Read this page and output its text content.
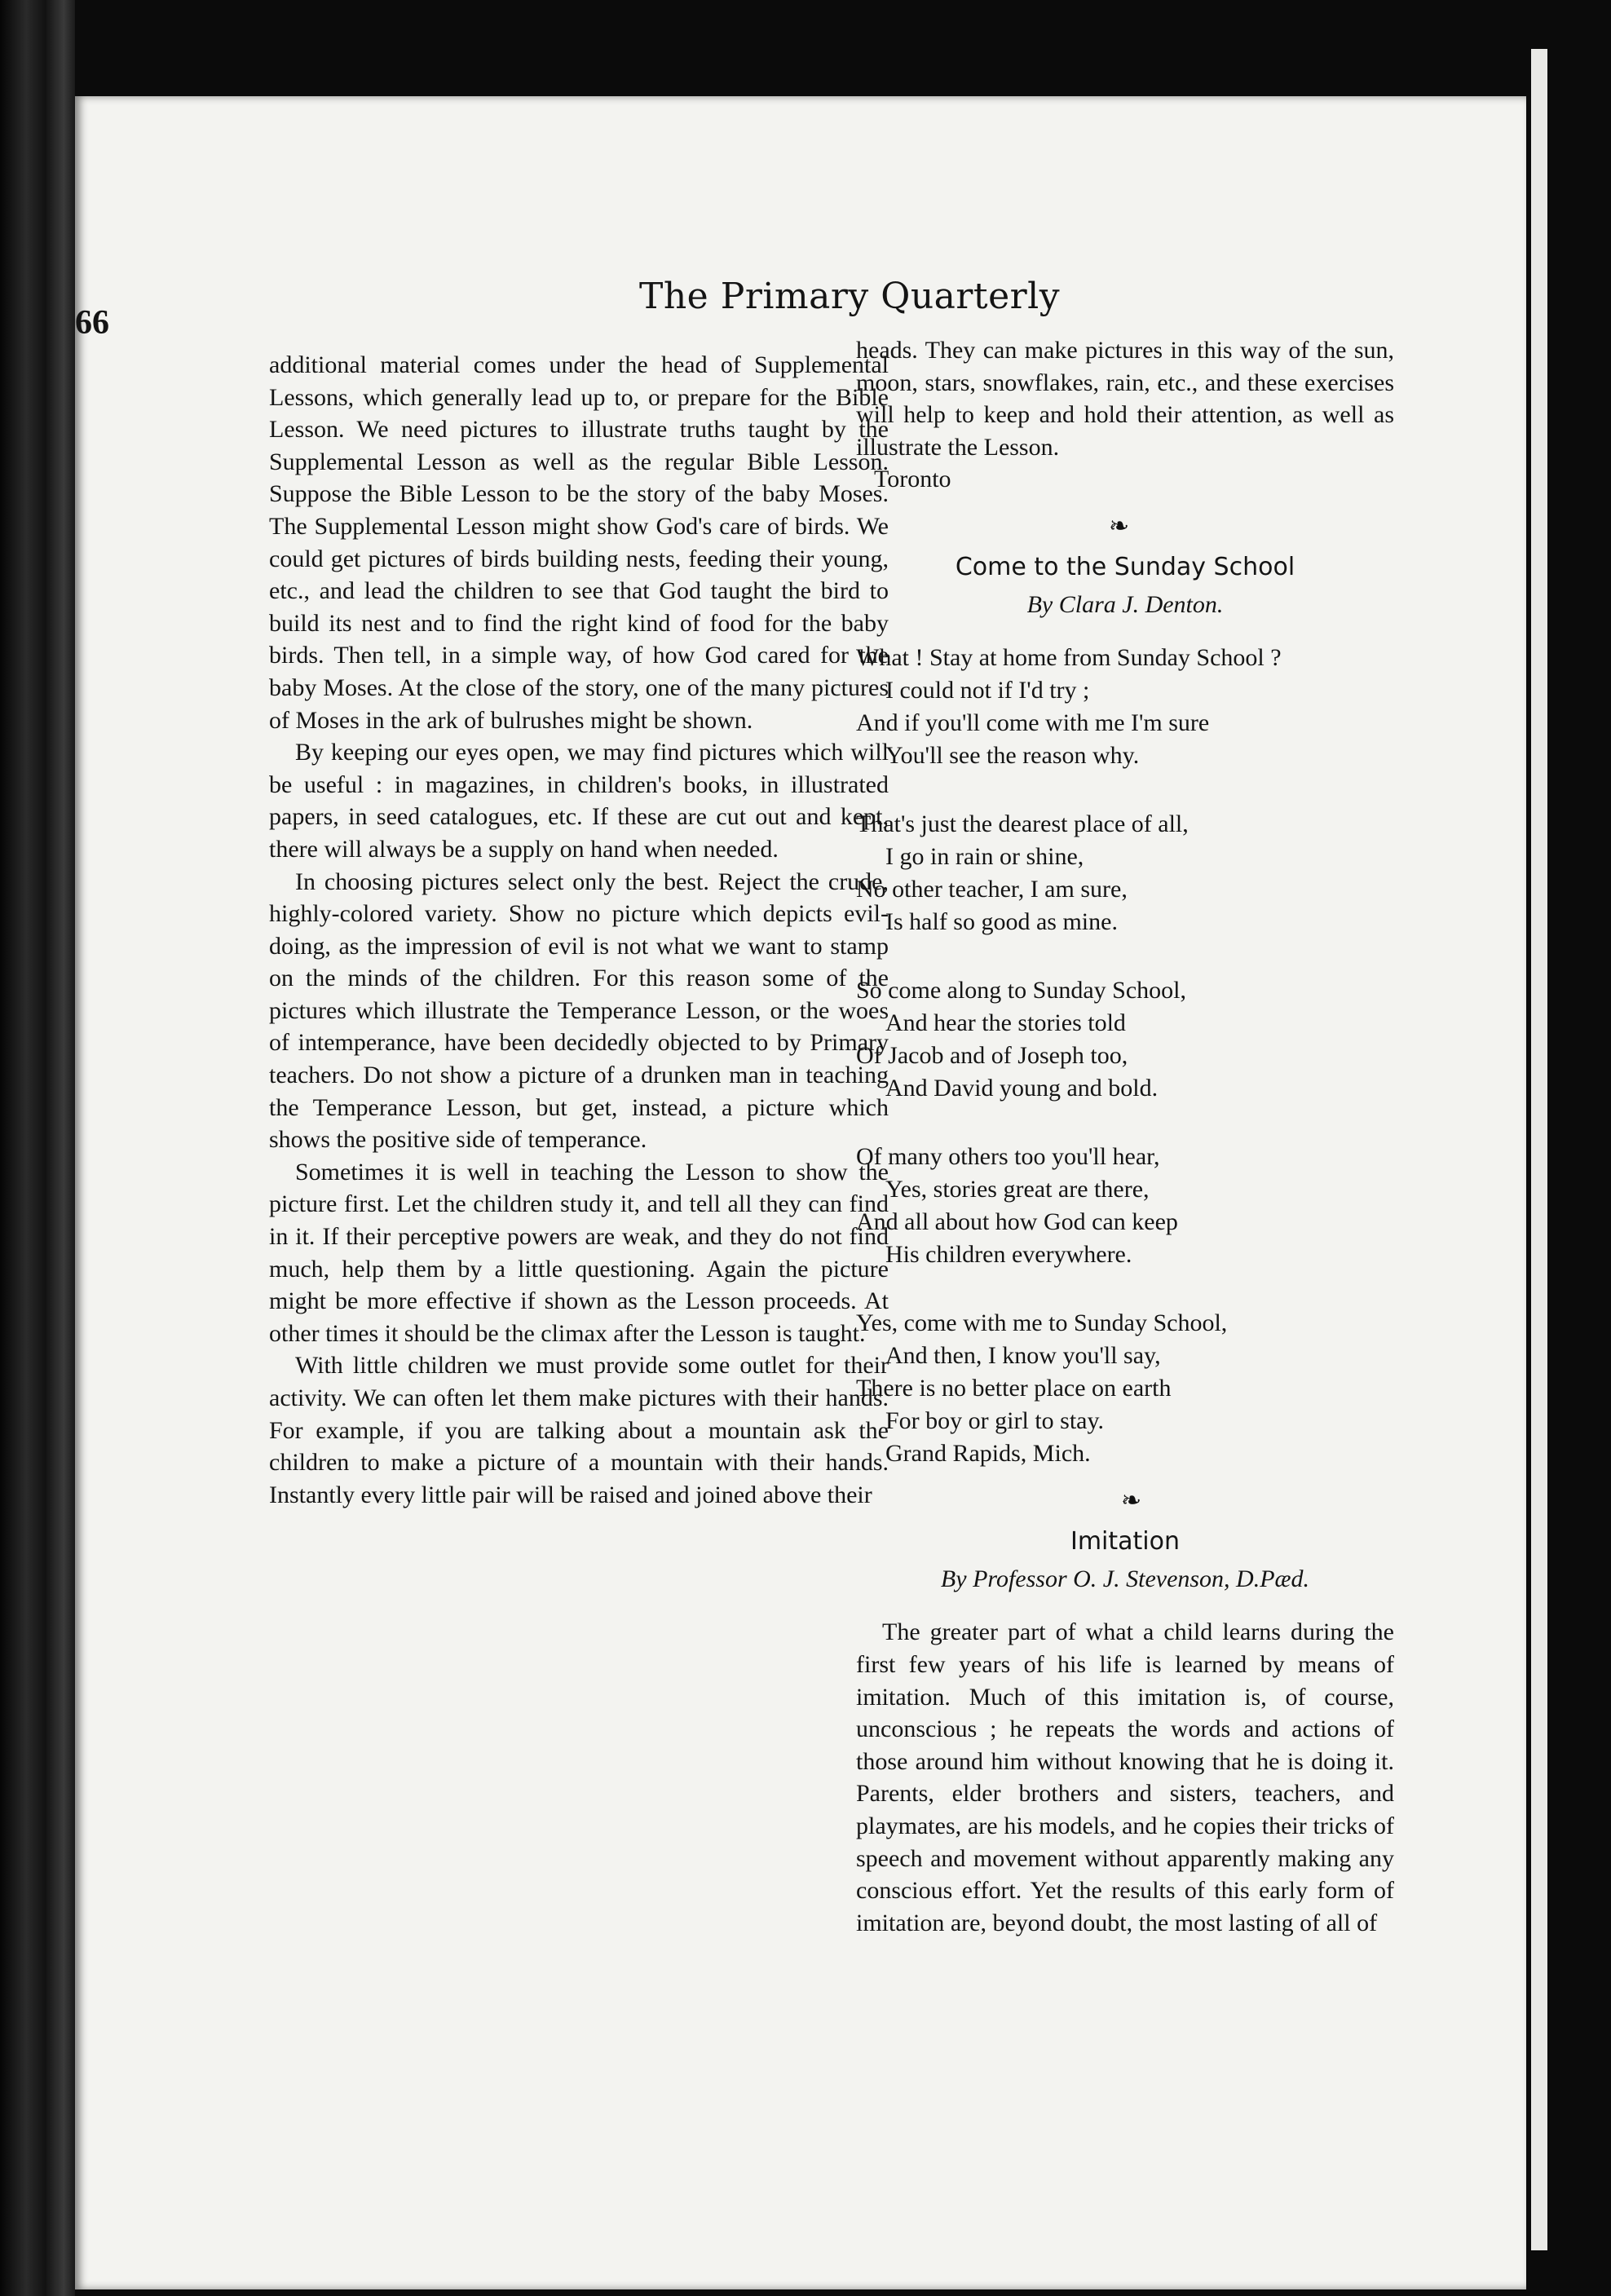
66
The Primary Quarterly

additional material comes under the head of Supplemental Lessons, which generally lead up to, or prepare for the Bible Lesson. We need pictures to illustrate truths taught by the Supplemental Lesson as well as the regular Bible Lesson. Suppose the Bible Lesson to be the story of the baby Moses. The Supplemental Lesson might show God's care of birds. We could get pictures of birds building nests, feeding their young, etc., and lead the children to see that God taught the bird to build its nest and to find the right kind of food for the baby birds. Then tell, in a simple way, of how God cared for the baby Moses. At the close of the story, one of the many pictures of Moses in the ark of bulrushes might be shown.

By keeping our eyes open, we may find pictures which will be useful : in magazines, in children's books, in illustrated papers, in seed catalogues, etc. If these are cut out and kept, there will always be a supply on hand when needed.

In choosing pictures select only the best. Reject the crude, highly-colored variety. Show no picture which depicts evil-doing, as the impression of evil is not what we want to stamp on the minds of the children. For this reason some of the pictures which illustrate the Temperance Lesson, or the woes of intemperance, have been decidedly objected to by Primary teachers. Do not show a picture of a drunken man in teaching the Temperance Lesson, but get, instead, a picture which shows the positive side of temperance.

Sometimes it is well in teaching the Lesson to show the picture first. Let the children study it, and tell all they can find in it. If their perceptive powers are weak, and they do not find much, help them by a little questioning. Again the picture might be more effective if shown as the Lesson proceeds. At other times it should be the climax after the Lesson is taught.

With little children we must provide some outlet for their activity. We can often let them make pictures with their hands. For example, if you are talking about a mountain ask the children to make a picture of a mountain with their hands. Instantly every little pair will be raised and joined above their

heads. They can make pictures in this way of the sun, moon, stars, snowflakes, rain, etc., and these exercises will help to keep and hold their attention, as well as illustrate the Lesson.

Toronto

❧
Come to the Sunday School
By Clara J. Denton.
What ! Stay at home from Sunday School ?
I could not if I'd try ;
And if you'll come with me I'm sure
You'll see the reason why.
That's just the dearest place of all,
I go in rain or shine,
No other teacher, I am sure,
Is half so good as mine.
So come along to Sunday School,
And hear the stories told
Of Jacob and of Joseph too,
And David young and bold.
Of many others too you'll hear,
Yes, stories great are there,
And all about how God can keep
His children everywhere.
Yes, come with me to Sunday School,
And then, I know you'll say,
There is no better place on earth
For boy or girl to stay.
Grand Rapids, Mich.
❧
Imitation
By Professor O. J. Stevenson, D.Pæd.

The greater part of what a child learns during the first few years of his life is learned by means of imitation. Much of this imitation is, of course, unconscious ; he repeats the words and actions of those around him without knowing that he is doing it. Parents, elder brothers and sisters, teachers, and playmates, are his models, and he copies their tricks of speech and movement without apparently making any conscious effort. Yet the results of this early form of imitation are, beyond doubt, the most lasting of all of
